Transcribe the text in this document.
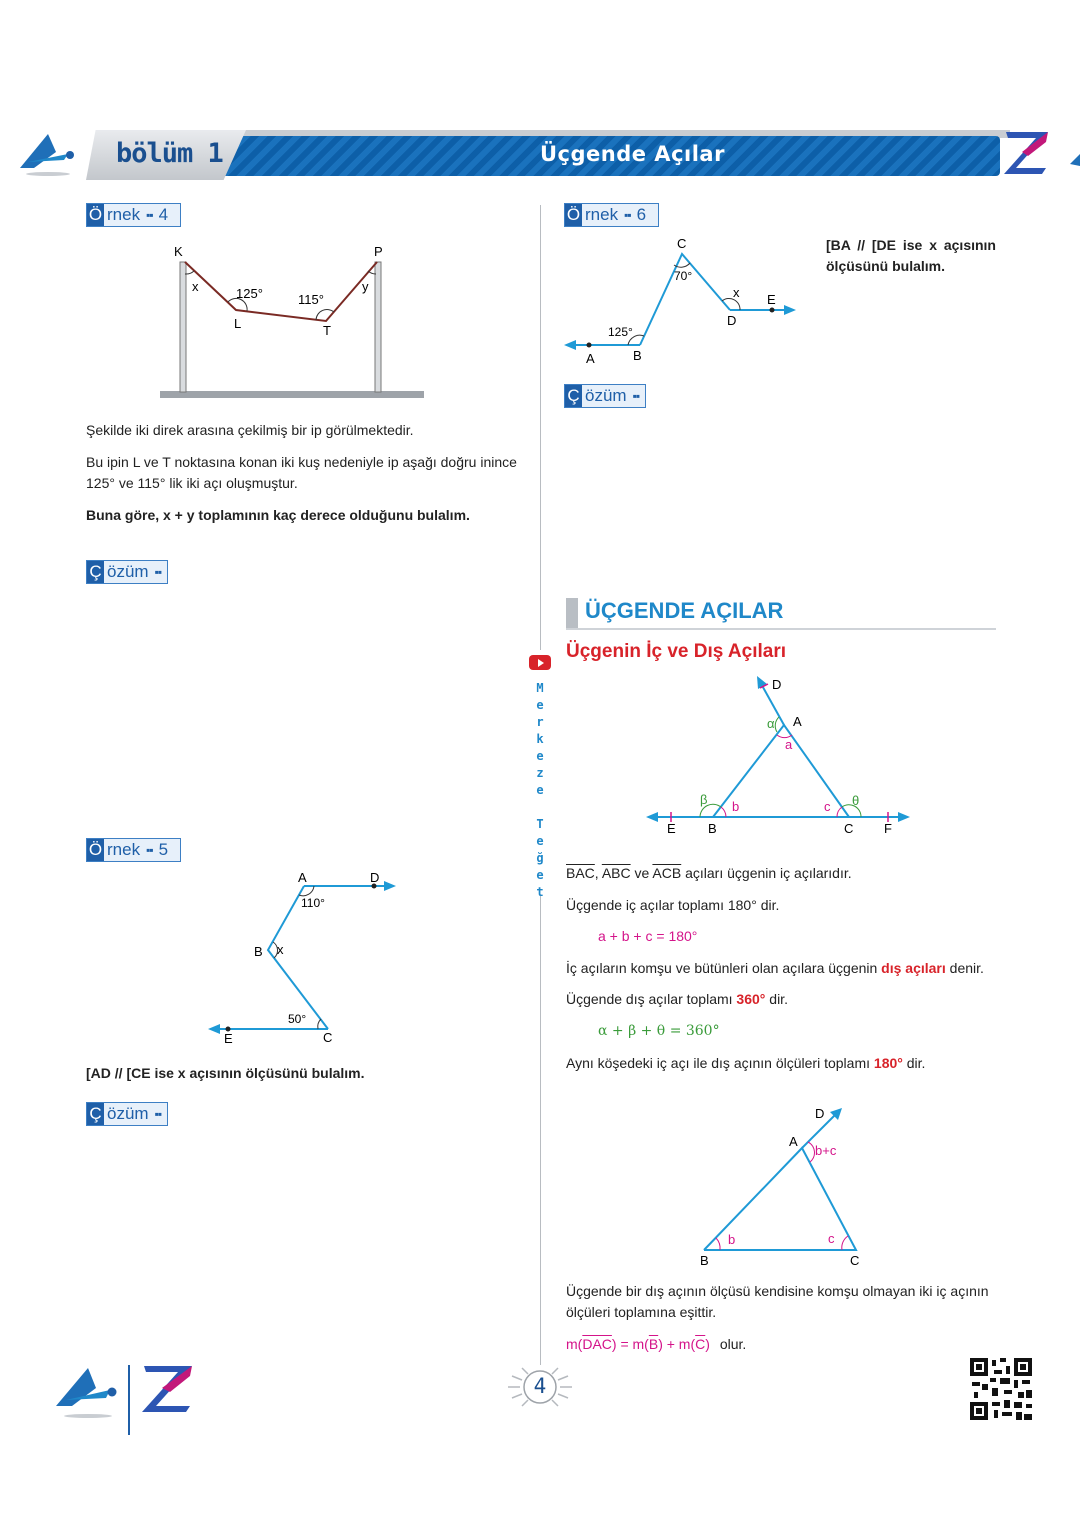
bölüm 1	Üçgende Açılar
Ö rnek ▪▪ 4
K	P
x	y
125°	115°
L	T
Şekilde iki direk arasına çekilmiş bir ip görülmektedir.
Bu ipin L ve T noktasına konan iki kuş nedeniyle ip aşağı doğru inince 125° ve 115° lik iki açı oluşmuştur.
Buna göre, x + y toplamının kaç derece olduğunu bulalım.
Ç özüm ▪▪
Ö rnek ▪▪ 5
A	D
110°
B x
50°
E	C
[AD // [CE ise x açısının ölçüsünü bulalım.
Ç özüm ▪▪
M
e
r
k
e
z
e
T
e
ğ
e
t
Ö rnek ▪▪ 6
C
70°
x E
D
125°
A	B
[BA // [DE ise x açısının ölçüsünü bulalım.
Ç özüm ▪▪
ÜÇGENDE AÇILAR
Üçgenin İç ve Dış Açıları
D
α A
a
β b	c θ
E B	C F
$\overline{BAC}$, $\overline{ABC}$ ve $\overline{ACB}$ açıları üçgenin iç açılarıdır.
Üçgende iç açılar toplamı 180° dir.
a + b + c = 180°
İç açıların komşu ve bütünleri olan açılara üçgenin dış açıları denir.
Üçgende dış açılar toplamı 360° dir.
α + β + θ = 360°
Aynı köşedeki iç açı ile dış açının ölçüleri toplamı 180° dir.
D
A
b+c
b	c
B	C
Üçgende bir dış açının ölçüsü kendisine komşu olmayan iki iç açının ölçüleri toplamına eşittir.
$m(\overline{DAC}) = m(\overline{B}) + m(\overline{C})$ olur.
4
